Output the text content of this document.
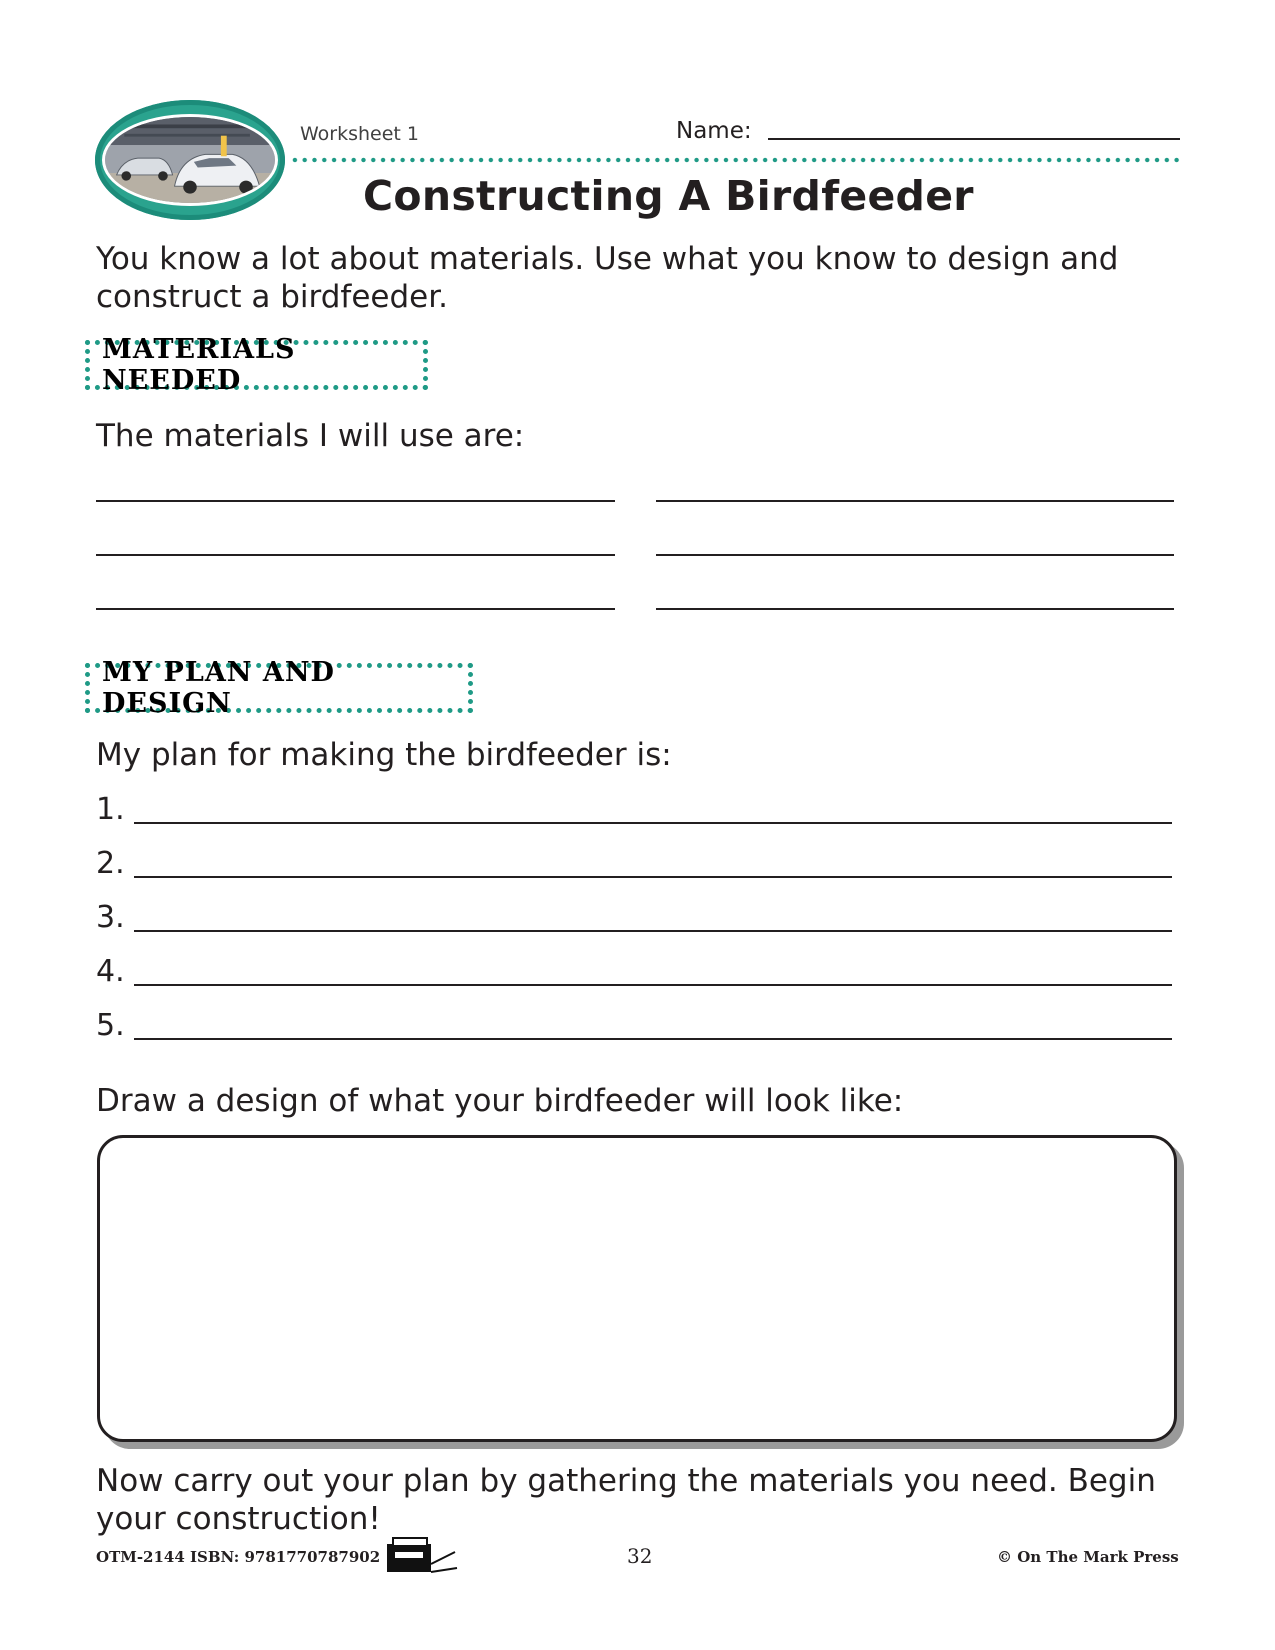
Worksheet 1	Name:
Constructing A Birdfeeder
You know a lot about materials. Use what you know to design and construct a birdfeeder.
MATERIALS NEEDED
The materials I will use are:
MY PLAN AND DESIGN
My plan for making the birdfeeder is:
1.
2.
3.
4.
5.
Draw a design of what your birdfeeder will look like:
Now carry out your plan by gathering the materials you need. Begin your construction!
OTM-2144 ISBN: 9781770787902	32	© On The Mark Press
